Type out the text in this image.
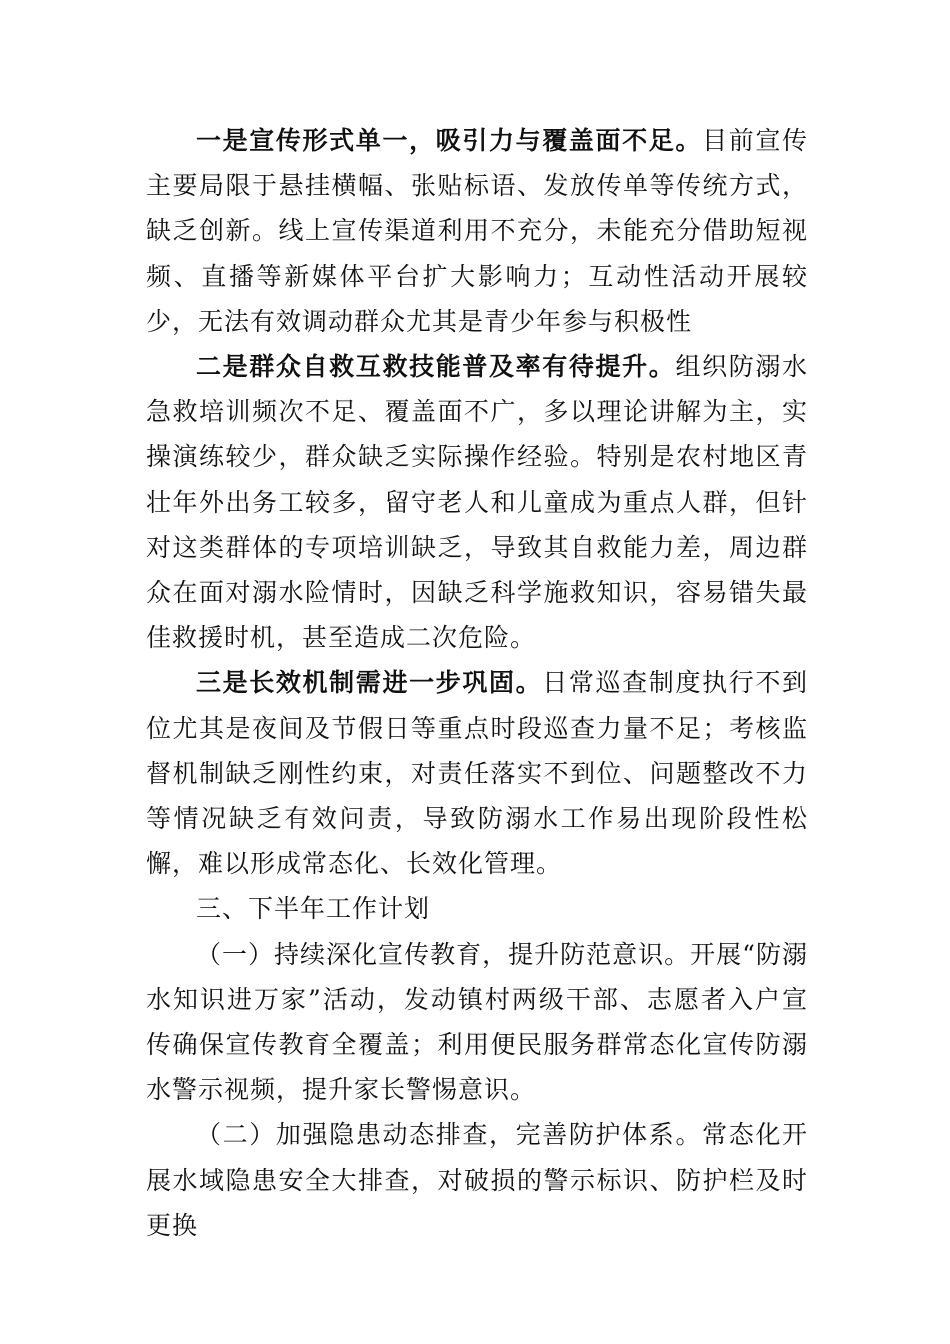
一是宣传形式单一，吸引力与覆盖面不足。目前宣传主要局限于悬挂横幅、张贴标语、发放传单等传统方式，缺乏创新。线上宣传渠道利用不充分，未能充分借助短视频、直播等新媒体平台扩大影响力；互动性活动开展较少，无法有效调动群众尤其是青少年参与积极性

二是群众自救互救技能普及率有待提升。组织防溺水急救培训频次不足、覆盖面不广，多以理论讲解为主，实操演练较少，群众缺乏实际操作经验。特别是农村地区青壮年外出务工较多，留守老人和儿童成为重点人群，但针对这类群体的专项培训缺乏，导致其自救能力差，周边群众在面对溺水险情时，因缺乏科学施救知识，容易错失最佳救援时机，甚至造成二次危险。

三是长效机制需进一步巩固。日常巡查制度执行不到位尤其是夜间及节假日等重点时段巡查力量不足；考核监督机制缺乏刚性约束，对责任落实不到位、问题整改不力等情况缺乏有效问责，导致防溺水工作易出现阶段性松懈，难以形成常态化、长效化管理。

三、下半年工作计划

（一）持续深化宣传教育，提升防范意识。开展“防溺水知识进万家”活动，发动镇村两级干部、志愿者入户宣传确保宣传教育全覆盖；利用便民服务群常态化宣传防溺水警示视频，提升家长警惕意识。

（二）加强隐患动态排查，完善防护体系。常态化开展水域隐患安全大排查，对破损的警示标识、防护栏及时更换
